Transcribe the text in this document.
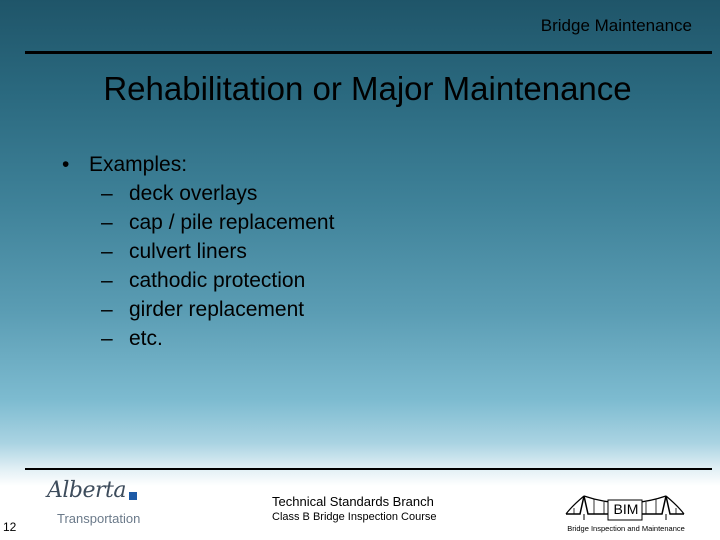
Bridge Maintenance
Rehabilitation or Major Maintenance
• Examples:
– deck overlays
– cap / pile replacement
– culvert liners
– cathodic protection
– girder replacement
– etc.
12
Alberta
Transportation
Technical Standards Branch
Class B Bridge Inspection Course	BIM
Bridge Inspection and Maintenance
